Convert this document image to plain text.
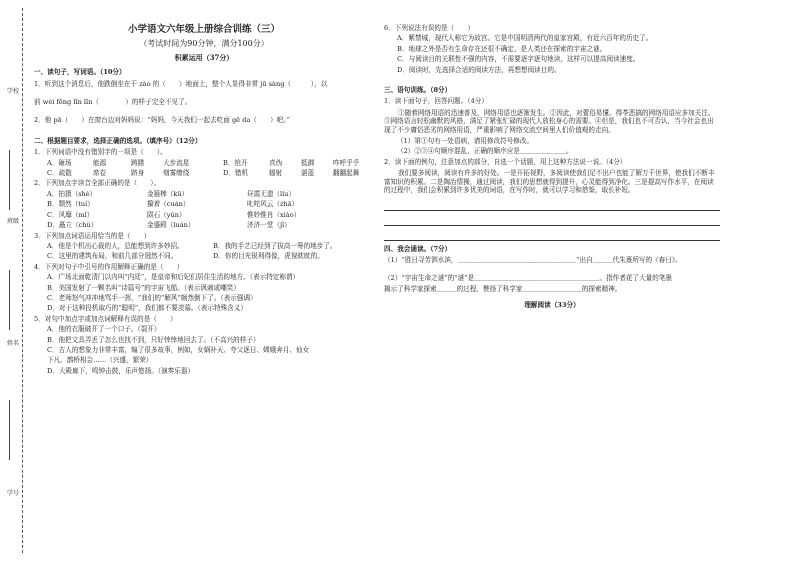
学校
班级
姓名
学号
小学语文六年级上册综合训练（三）
（考试时间为90分钟，满分100分）
积累运用（37分）
一、读句子，写词语。（10分）
1．听到这个消息后，他跌倒坐在干 zào 的（　　）地面上，整个人显得非常 jū sàng（　　　），以
前 wéi fēng lǐn lǐn（　　　　）的样子完全不见了。
2．他 pā（　　）在窗台边对妈妈说：“妈妈，今天我们一起去吃面 gē da（　　）吧。”
二、根据题目要求，选择正确的选项。（填序号）（12分）
1．下列词语中没有错别字的一项是（　　）。
A．砸场	能源	踌躇	大步流星	B．抢开	真伪	抵御	咋呼乎乎
C．疏散	席卷	跻身	烟雾缭绕	D．错机	辐射	湛蓝	翻翻起舞
2．下列加点字读音全部正确的是（　　）。
A．拍摄（shè）	金箍棒（kū）	昼霞无遗（líu）
B．颓然（tuí）	攥着（cuán）	叱咤风云（zhā）
C．风靡（mǐ）	陨石（yǔn）	惟妙惟肖（xiào）
D．矗立（chù）	金鎏殿（luán）	济济一堂（jǐ）
3．下列加点词语运用恰当的是（　　）
A．他是个机出心裁的人，总能想到许多妙招。	B．我的手艺已经到了拔高一筹的地步了。
C．这里的建筑布局，和前几部分迥然不同。	D．你的目光锐利得像，虎视眈眈的。
4．下列对句子中引号的作用解释正确的是（　　）
A．广场北面乾清门以内叫“内廷”，是皇帝和后妃们居住生活的地方。（表示特定称谓）
B．美国发射了一颗名叫“诗篇号”的宇宙飞船。（表示讽刺或嘲笑）
C．老师怒气冲冲地骂手一挥，“我们的“解风”颇然倒下了。（表示强调）
D．对于这种投机取巧的“聪明”，我们都不要羡慕。（表示特殊含义）
5．对句中加点字或加点词解释有误的是（　　）
A．他的衣服破开了一个口子。（裂开）
B．他把文具弄丢了怎么也找不到，只好悻悻地回去了。（不高兴的样子）
C．古人的想象力非常丰富，编了很多故事，例如，女娲补天、夸父逐日、嫦娥奔月、仙女
下凡、鹊桥相会……（兴盛，繁荣）
D．大殿廊下，鸣钟击鼓，乐声悠扬。（演奏乐器）
6．下列说法有误的是（　　）
A．紫禁城，现代人称它为故宫。它是中国明清两代的皇家宫殿，有近六百年的历史了。
B．地球之外是否有生命存在还很不确定，是人类还在探索的宇宙之谜。
C．与阅读目的关联性不强的内容，不需要逐字逐句地读，这样可以提高阅读速度。
D．阅读时，先选择合适的阅读方法，再想想阅读目的。
三、语句训练。（8分）
1．读下面句子，回答问题。（4分）
①随着网络用语的迅速普及，网络用语也逐渐发生。②因此，对蕾俗易懂、得苓恶搞的网络用语应多加关注。③网络语言轻松幽默的风格，满足了紧张忙碌的现代人放松身心的需要。④但是，我们也不可否认，当今社会也出现了不少庸俗恶劣的网络用语，严重影响了网络交流空间里人们价值观的走向。
（1）第①句有一处语病，请用修改符号修改。
（2）②③④句顺序混乱，正确的顺序应是＿＿＿＿＿＿＿。
2．读下面的例句，注意加点的部分，自选一个话题，用上这种方法说一说。（4分）
我们要多阅读，阅读有许多的好处。一是开拓视野，多阅读使我们足不出户也能了解万千世界，使我们不断丰富知识的积累。二是陶冶情操，通过阅读，我们的思想就得到提升，心灵能得到净化。三是提高写作水平，在阅读的过程中，我们会积累到许多优美的词语，在写作时，就可以学习和借鉴，取长补短。
四、我会诵读。（7分）
（1）“胜日寻芳泗水滨，＿＿＿＿＿＿＿＿＿＿＿＿＿＿＿＿＿＿”出自＿＿＿代朱熹所写的《春日》。
（2）“宇宙生命之谜”的“谜”是＿＿＿＿＿＿＿＿＿＿＿＿＿＿＿＿＿＿＿。指作者花了大量的笔墨
揭示了科学家探索＿＿＿的过程，赞扬了科学家＿＿＿＿＿＿＿＿＿的探索精神。
理解阅读（33分）
